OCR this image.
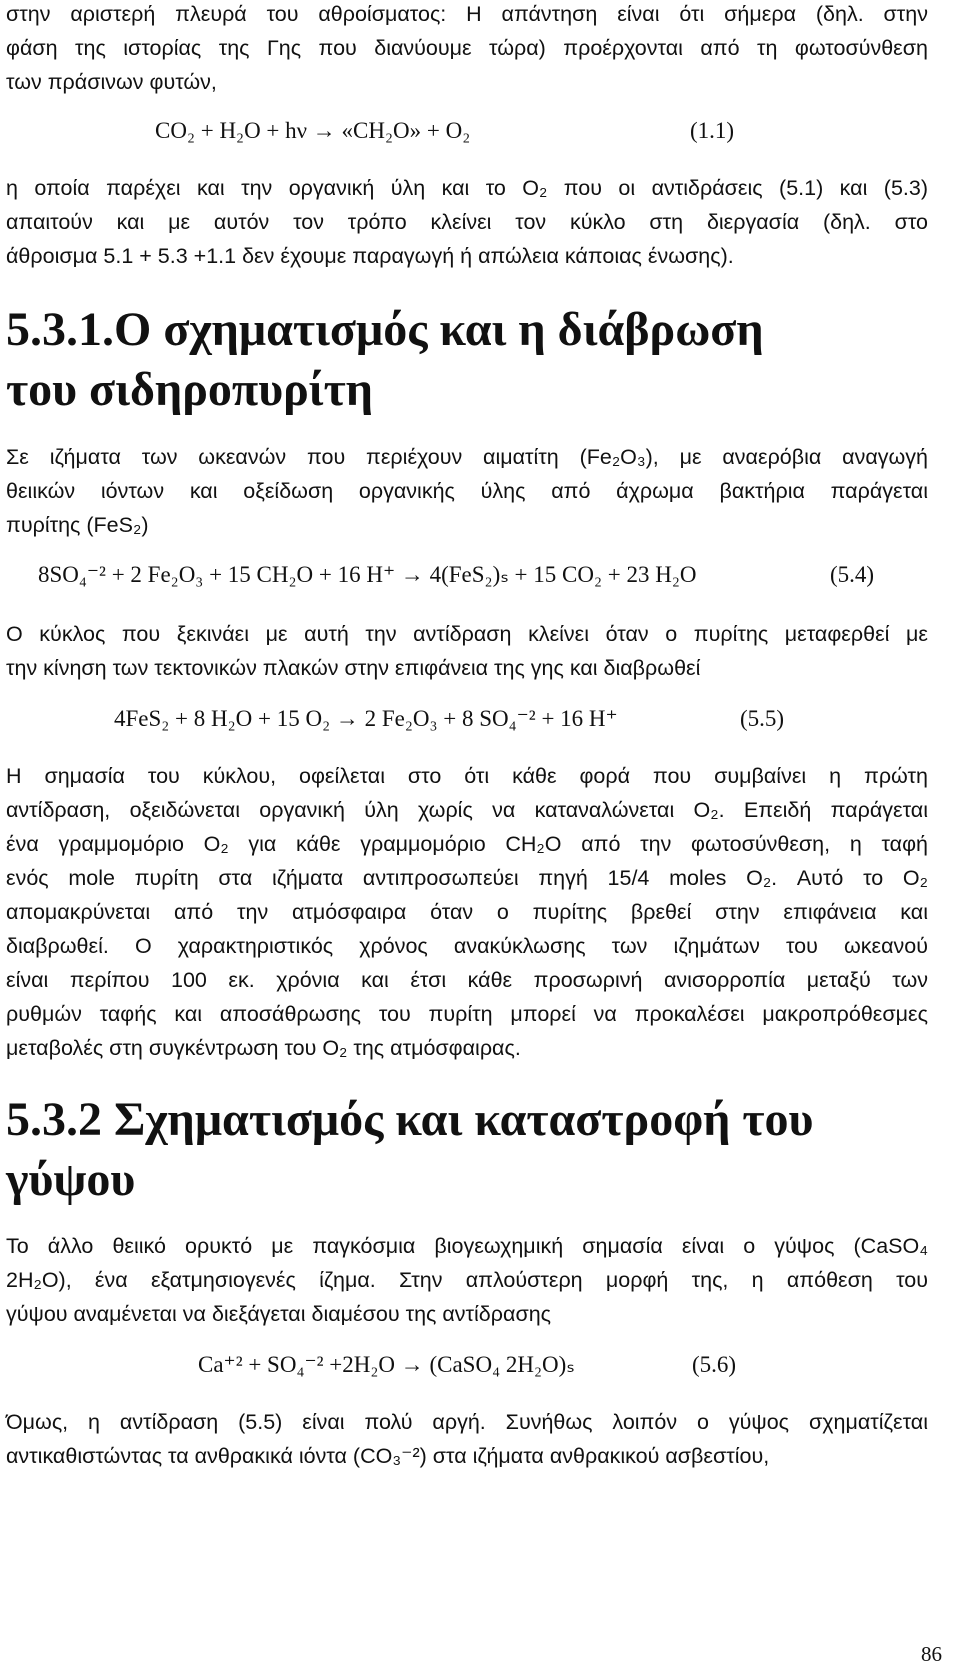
στην αριστερή πλευρά του αθροίσματος: Η απάντηση είναι ότι σήμερα (δηλ. στην
φάση της ιστορίας της Γης που διανύουμε τώρα) προέρχονται από τη φωτοσύνθεση
των πράσινων φυτών,
CO₂ + H₂O + hν → «CH₂O» + O₂	(1.1)
η οποία παρέχει και την οργανική ύλη και το O₂ που οι αντιδράσεις (5.1) και (5.3)
απαιτούν και με αυτόν τον τρόπο κλείνει τον κύκλο στη διεργασία (δηλ. στο
άθροισμα 5.1 + 5.3 +1.1 δεν έχουμε παραγωγή ή απώλεια κάποιας ένωσης).
5.3.1.Ο σχηματισμός και η διάβρωση
του σιδηροπυρίτη
Σε ιζήματα των ωκεανών που περιέχουν αιματίτη (Fe₂O₃), με αναερόβια αναγωγή
θειικών ιόντων και οξείδωση οργανικής ύλης από άχρωμα βακτήρια παράγεται
πυρίτης (FeS₂)
8SO₄⁻² + 2 Fe₂O₃ + 15 CH₂O + 16 H⁺ → 4(FeS₂)ₛ + 15 CO₂ + 23 H₂O	(5.4)
Ο κύκλος που ξεκινάει με αυτή την αντίδραση κλείνει όταν ο πυρίτης μεταφερθεί με
την κίνηση των τεκτονικών πλακών στην επιφάνεια της γης και διαβρωθεί
4FeS₂ + 8 H₂O + 15 O₂ → 2 Fe₂O₃ + 8 SO₄⁻² + 16 H⁺	(5.5)
Η σημασία του κύκλου, οφείλεται στο ότι κάθε φορά που συμβαίνει η πρώτη
αντίδραση, οξειδώνεται οργανική ύλη χωρίς να καταναλώνεται O₂. Επειδή παράγεται
ένα γραμμομόριο O₂ για κάθε γραμμομόριο CH₂O από την φωτοσύνθεση, η ταφή
ενός mole πυρίτη στα ιζήματα αντιπροσωπεύει πηγή 15/4 moles O₂. Αυτό το O₂
απομακρύνεται από την ατμόσφαιρα όταν ο πυρίτης βρεθεί στην επιφάνεια και
διαβρωθεί. Ο χαρακτηριστικός χρόνος ανακύκλωσης των ιζημάτων του ωκεανού
είναι περίπου 100 εκ. χρόνια και έτσι κάθε προσωρινή ανισορροπία μεταξύ των
ρυθμών ταφής και αποσάθρωσης του πυρίτη μπορεί να προκαλέσει μακροπρόθεσμες
μεταβολές στη συγκέντρωση του O₂ της ατμόσφαιρας.
5.3.2 Σχηματισμός και καταστροφή του
γύψου
Το άλλο θειικό ορυκτό με παγκόσμια βιογεωχημική σημασία είναι ο γύψος (CaSO₄
2H₂O), ένα εξατμησιογενές ίζημα. Στην απλούστερη μορφή της, η απόθεση του
γύψου αναμένεται να διεξάγεται διαμέσου της αντίδρασης
Ca⁺² + SO₄⁻² +2H₂O → (CaSO₄ 2H₂O)ₛ	(5.6)
Όμως, η αντίδραση (5.5) είναι πολύ αργή. Συνήθως λοιπόν ο γύψος σχηματίζεται
αντικαθιστώντας τα ανθρακικά ιόντα (CO₃⁻²) στα ιζήματα ανθρακικού ασβεστίου,
86
